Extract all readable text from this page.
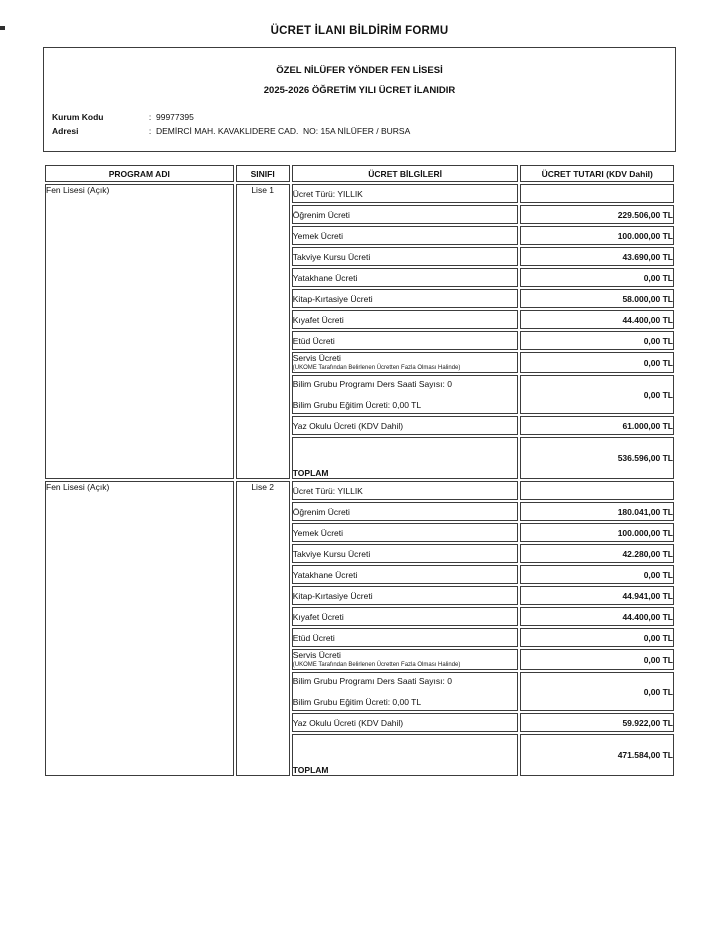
ÜCRET İLANI BİLDİRİM FORMU
ÖZEL NİLÜFER YÖNDER FEN LİSESİ
2025-2026 ÖĞRETİM YILI ÜCRET İLANIDIR
Kurum Kodu	: 99977395
Adresi	: DEMİRCİ MAH. KAVAKLIDERE CAD.  NO: 15A NİLÜFER / BURSA
PROGRAM ADI	SINIFI	ÜCRET BİLGİLERİ	ÜCRET TUTARI (KDV Dahil)
Fen Lisesi (Açık)	Lise 1	Ücret Türü: YILLIK	
		Öğrenim Ücreti	229.506,00 TL
		Yemek Ücreti	100.000,00 TL
		Takviye Kursu Ücreti	43.690,00 TL
		Yatakhane Ücreti	0,00 TL
		Kitap-Kırtasiye Ücreti	58.000,00 TL
		Kıyafet Ücreti	44.400,00 TL
		Etüd Ücreti	0,00 TL
		Servis Ücreti
(UKOME Tarafından Belirlenen Ücretten Fazla Olması Halinde)	0,00 TL
		Bilim Grubu Programı Ders Saati Sayısı: 0
Bilim Grubu Eğitim Ücreti: 0,00 TL	0,00 TL
		Yaz Okulu Ücreti (KDV Dahil)	61.000,00 TL
		TOPLAM	536.596,00 TL
Fen Lisesi (Açık)	Lise 2	Ücret Türü: YILLIK	
		Öğrenim Ücreti	180.041,00 TL
		Yemek Ücreti	100.000,00 TL
		Takviye Kursu Ücreti	42.280,00 TL
		Yatakhane Ücreti	0,00 TL
		Kitap-Kırtasiye Ücreti	44.941,00 TL
		Kıyafet Ücreti	44.400,00 TL
		Etüd Ücreti	0,00 TL
		Servis Ücreti
(UKOME Tarafından Belirlenen Ücretten Fazla Olması Halinde)	0,00 TL
		Bilim Grubu Programı Ders Saati Sayısı: 0
Bilim Grubu Eğitim Ücreti: 0,00 TL	0,00 TL
		Yaz Okulu Ücreti (KDV Dahil)	59.922,00 TL
		TOPLAM	471.584,00 TL
